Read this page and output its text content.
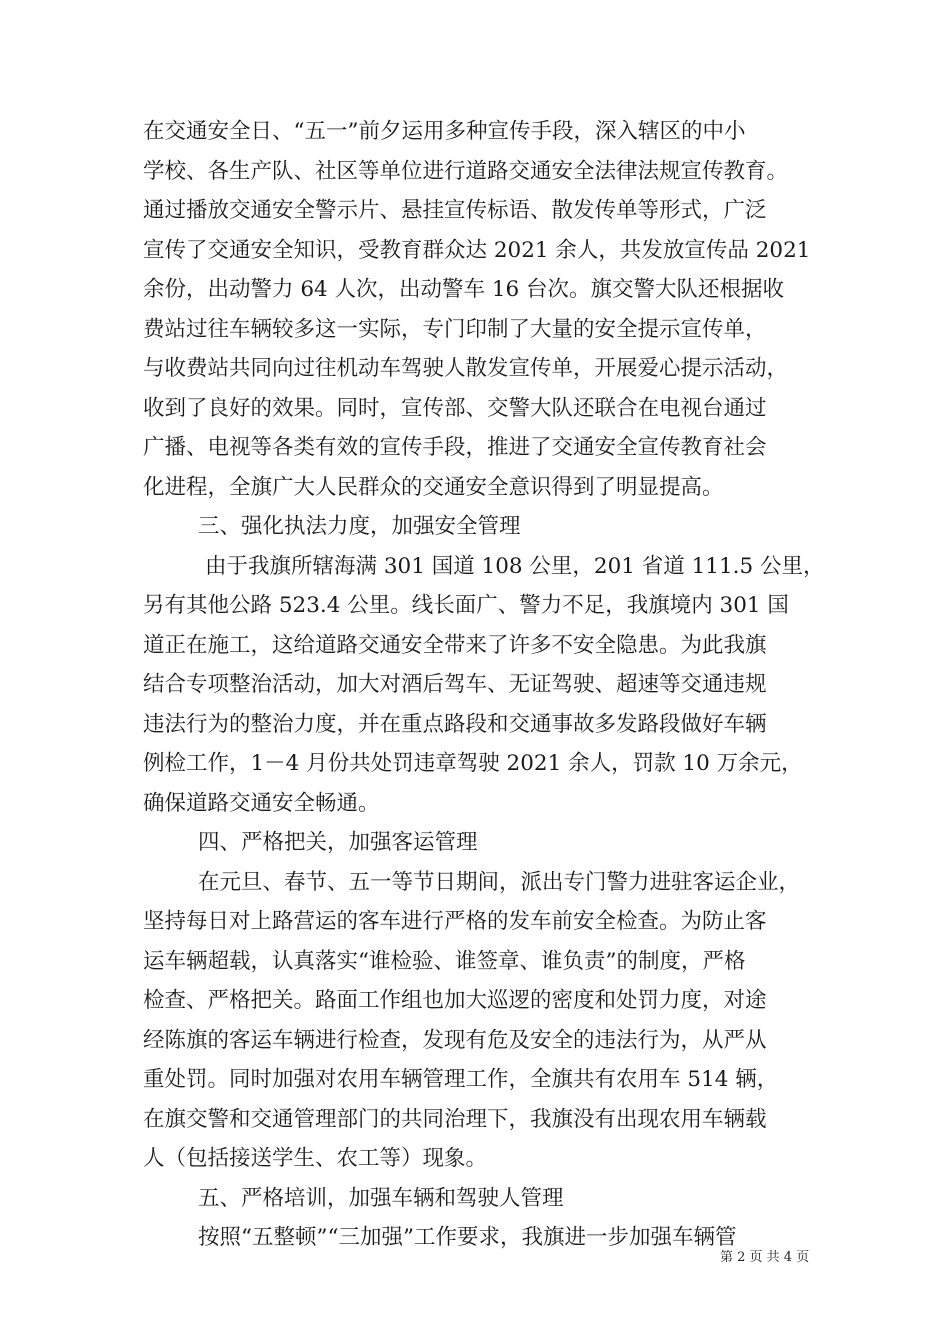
在交通安全日、“五一”前夕运用多种宣传手段，深入辖区的中小
学校、各生产队、社区等单位进行道路交通安全法律法规宣传教育。
通过播放交通安全警示片、悬挂宣传标语、散发传单等形式，广泛
宣传了交通安全知识，受教育群众达 2021 余人，共发放宣传品 2021
余份，出动警力 64 人次，出动警车 16 台次。旗交警大队还根据收
费站过往车辆较多这一实际，专门印制了大量的安全提示宣传单，
与收费站共同向过往机动车驾驶人散发宣传单，开展爱心提示活动，
收到了良好的效果。同时，宣传部、交警大队还联合在电视台通过
广播、电视等各类有效的宣传手段，推进了交通安全宣传教育社会
化进程，全旗广大人民群众的交通安全意识得到了明显提高。
三、强化执法力度，加强安全管理
由于我旗所辖海满 301 国道 108 公里，201 省道 111.5 公里，
另有其他公路 523.4 公里。线长面广、警力不足，我旗境内 301 国
道正在施工，这给道路交通安全带来了许多不安全隐患。为此我旗
结合专项整治活动，加大对酒后驾车、无证驾驶、超速等交通违规
违法行为的整治力度，并在重点路段和交通事故多发路段做好车辆
例检工作，1－4 月份共处罚违章驾驶 2021 余人，罚款 10 万余元，
确保道路交通安全畅通。
四、严格把关，加强客运管理
在元旦、春节、五一等节日期间，派出专门警力进驻客运企业，
坚持每日对上路营运的客车进行严格的发车前安全检查。为防止客
运车辆超载，认真落实“谁检验、谁签章、谁负责”的制度，严格
检查、严格把关。路面工作组也加大巡逻的密度和处罚力度，对途
经陈旗的客运车辆进行检查，发现有危及安全的违法行为，从严从
重处罚。同时加强对农用车辆管理工作，全旗共有农用车 514 辆，
在旗交警和交通管理部门的共同治理下，我旗没有出现农用车辆载
人（包括接送学生、农工等）现象。
五、严格培训，加强车辆和驾驶人管理
按照“五整顿”“三加强”工作要求，我旗进一步加强车辆管
第 2 页 共 4 页
